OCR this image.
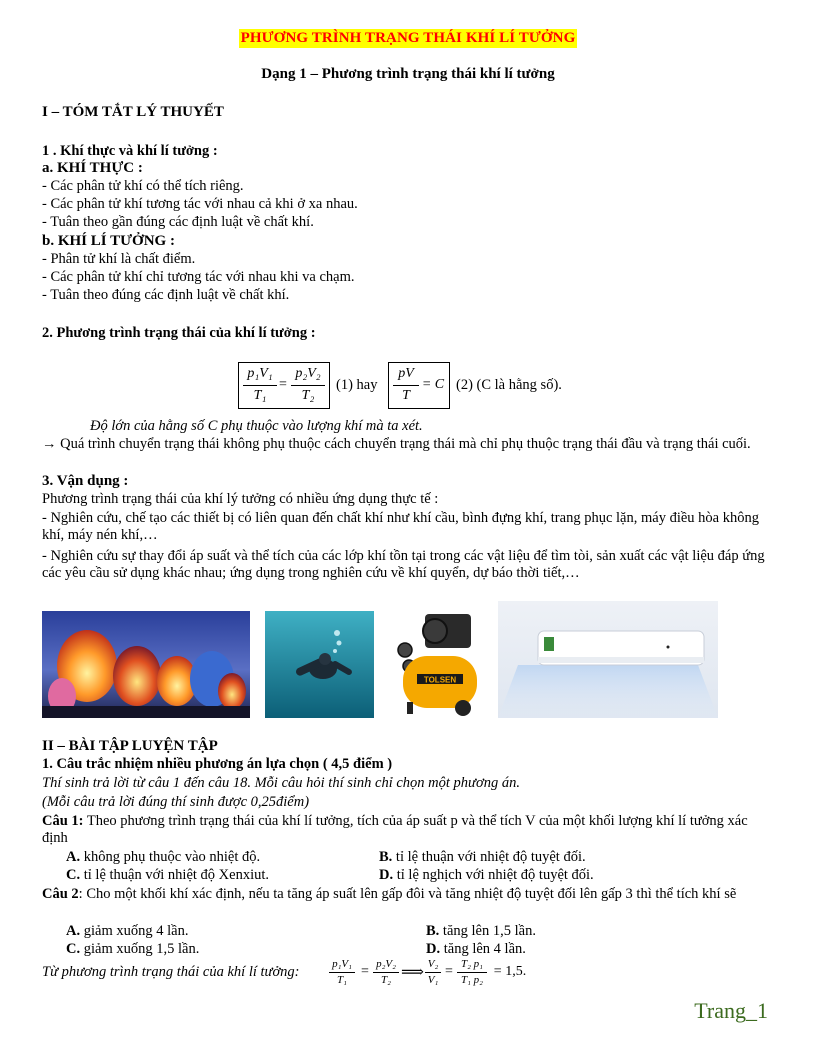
PHƯƠNG TRÌNH TRẠNG THÁI KHÍ LÍ TƯỞNG
Dạng 1 – Phương trình trạng thái khí lí tưởng
I – TÓM TẮT LÝ THUYẾT
1 . Khí thực và khí lí tưởng :
a. KHÍ THỰC :
- Các phân tử khí có thể tích riêng.
- Các phân tử khí tương tác với nhau cả khi ở xa nhau.
- Tuân theo gần đúng các định luật về chất khí.
b. KHÍ LÍ TƯỞNG :
- Phân tử khí là chất điểm.
- Các phân tử khí chỉ tương tác với nhau khi va chạm.
- Tuân theo đúng các định luật về chất khí.
2. Phương trình trạng thái của khí lí tưởng :
p₁V₁
T₁
=
p₂V₂
T₂
(1) hay
pV
T
= C (2) (C là hằng số).
Độ lớn của hằng số C phụ thuộc vào lượng khí mà ta xét.
→ Quá trình chuyển trạng thái không phụ thuộc cách chuyển trạng thái mà chỉ phụ thuộc trạng thái đầu và trạng thái cuối.
3. Vận dụng :
Phương trình trạng thái của khí lý tưởng có nhiều ứng dụng thực tế :
- Nghiên cứu, chế tạo các thiết bị có liên quan đến chất khí như khí cầu, bình đựng khí, trang phục lặn, máy điều hòa không khí, máy nén khí,…
- Nghiên cứu sự thay đổi áp suất và thể tích của các lớp khí tồn tại trong các vật liệu để tìm tòi, sản xuất các vật liệu đáp ứng các yêu cầu sử dụng khác nhau; ứng dụng trong nghiên cứu về khí quyển, dự báo thời tiết,…
TOLSEN
II – BÀI TẬP LUYỆN TẬP
1. Câu trắc nhiệm nhiều phương án lựa chọn ( 4,5 điểm )
Thí sinh trả lời từ câu 1 đến câu 18. Mỗi câu hỏi thí sinh chỉ chọn một phương án.
(Mỗi câu trả lời đúng thí sinh được 0,25điểm)
Câu 1: Theo phương trình trạng thái của khí lí tưởng, tích của áp suất p và thể tích V của một khối lượng khí lí tưởng xác định
A. không phụ thuộc vào nhiệt độ.	B. tỉ lệ thuận với nhiệt độ tuyệt đối.
C. tỉ lệ thuận với nhiệt độ Xenxiut.	D. tỉ lệ nghịch với nhiệt độ tuyệt đối.
Câu 2: Cho một khối khí xác định, nếu ta tăng áp suất lên gấp đôi và tăng nhiệt độ tuyệt đối lên gấp 3 thì thể tích khí sẽ
A. giảm xuống 4 lần.	B. tăng lên 1,5 lần.
C. giảm xuống 1,5 lần.	D. tăng lên 4 lần.
Từ phương trình trạng thái của khí lí tưởng:	p₁V₁
T₁
= p₂V₂
T₂ ⟹ V₂
V₁
= T₂ p₁
T₁ p₂
= 1,5.
Trang_1
